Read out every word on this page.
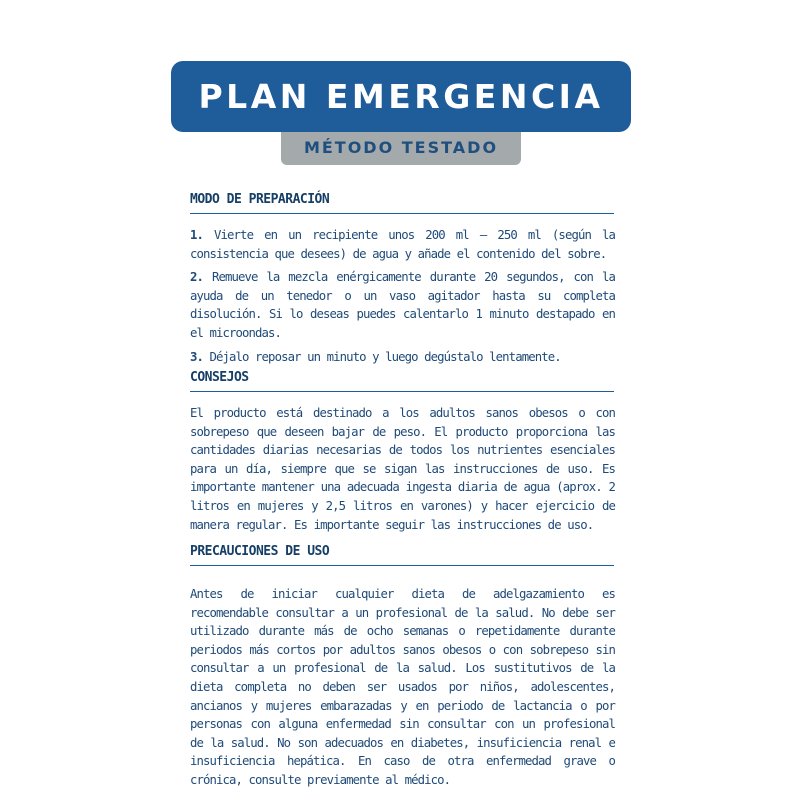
PLAN EMERGENCIA
MÉTODO TESTADO
MODO DE PREPARACIÓN

1. Vierte en un recipiente unos 200 ml – 250 ml (según la consistencia que desees) de agua y añade el contenido del sobre.

2. Remueve la mezcla enérgicamente durante 20 segundos, con la ayuda de un tenedor o un vaso agitador hasta su completa disolución. Si lo deseas puedes calentarlo 1 minuto destapado en el microondas.

3. Déjalo reposar un minuto y luego degústalo lentamente.

CONSEJOS

El producto está destinado a los adultos sanos obesos o con sobrepeso que deseen bajar de peso. El producto proporciona las cantidades diarias necesarias de todos los nutrientes esenciales para un día, siempre que se sigan las instrucciones de uso. Es importante mantener una adecuada ingesta diaria de agua (aprox. 2 litros en mujeres y 2,5 litros en varones) y hacer ejercicio de manera regular. Es importante seguir las instrucciones de uso.

PRECAUCIONES DE USO

Antes de iniciar cualquier dieta de adelgazamiento es recomendable consultar a un profesional de la salud. No debe ser utilizado durante más de ocho semanas o repetidamente durante periodos más cortos por adultos sanos obesos o con sobrepeso sin consultar a un profesional de la salud. Los sustitutivos de la dieta completa no deben ser usados por niños, adolescentes, ancianos y mujeres embarazadas y en periodo de lactancia o por personas con alguna enfermedad sin consultar con un profesional de la salud. No son adecuados en diabetes, insuficiencia renal e insuficiencia hepática. En caso de otra enfermedad grave o crónica, consulte previamente al médico.
